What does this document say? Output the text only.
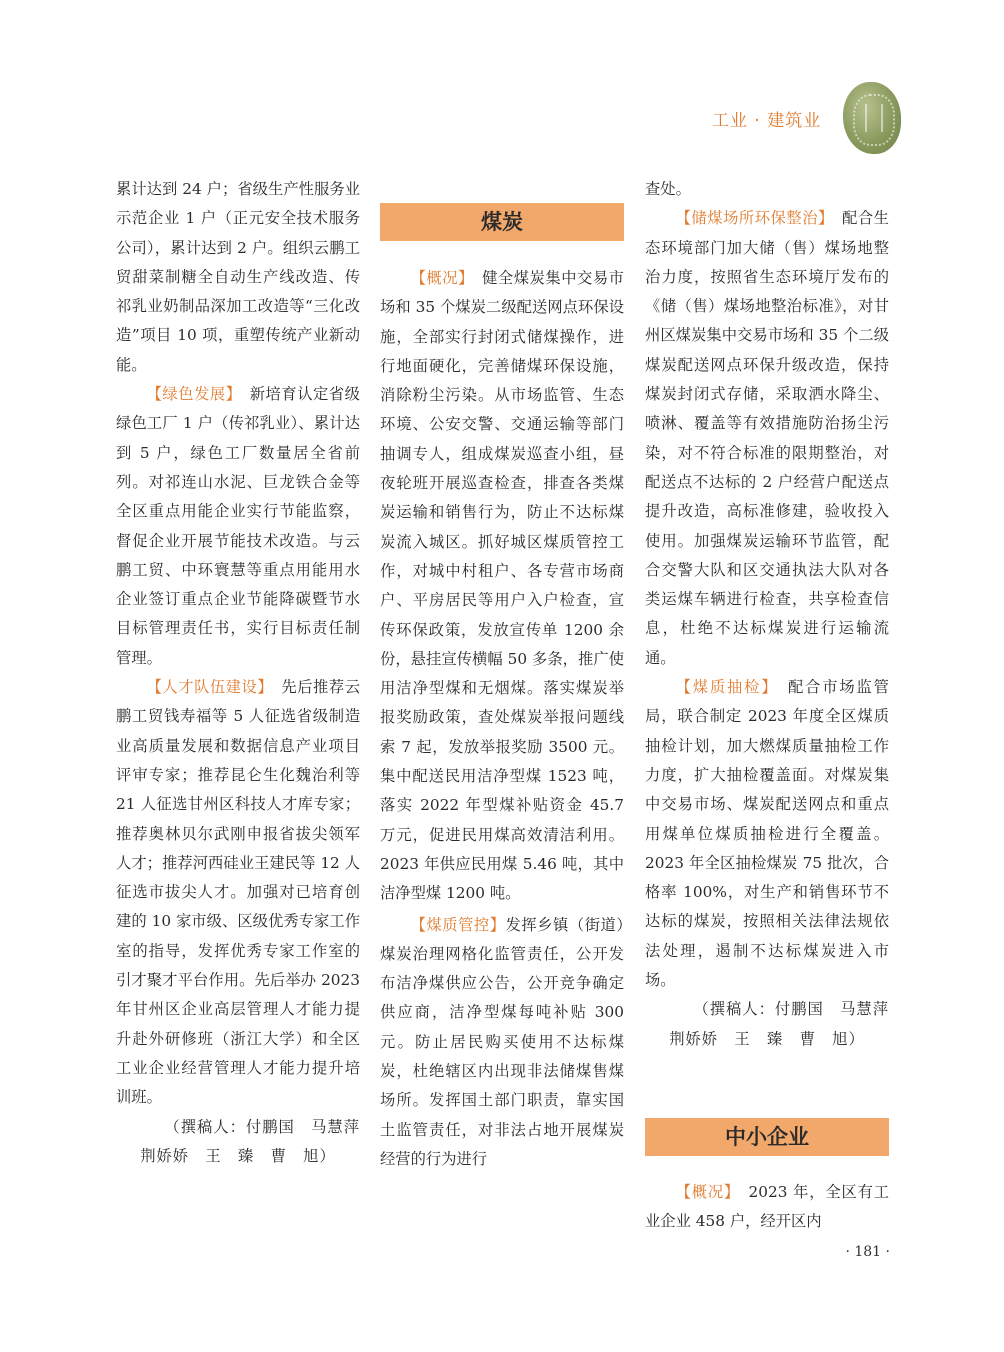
工业 · 建筑业

累计达到 24 户；省级生产性服务业示范企业 1 户（正元安全技术服务公司），累计达到 2 户。组织云鹏工贸甜菜制糖全自动生产线改造、传祁乳业奶制品深加工改造等“三化改造”项目 10 项，重塑传统产业新动能。

【绿色发展】　新培育认定省级绿色工厂 1 户（传祁乳业）、累计达到 5 户，绿色工厂数量居全省前列。对祁连山水泥、巨龙铁合金等全区重点用能企业实行节能监察，督促企业开展节能技术改造。与云鹏工贸、中环寰慧等重点用能用水企业签订重点企业节能降碳暨节水目标管理责任书，实行目标责任制管理。

【人才队伍建设】　先后推荐云鹏工贸钱寿福等 5 人征选省级制造业高质量发展和数据信息产业项目评审专家；推荐昆仑生化魏治利等 21 人征选甘州区科技人才库专家；推荐奥林贝尔武刚申报省拔尖领军人才；推荐河西硅业王建民等 12 人征选市拔尖人才。加强对已培育创建的 10 家市级、区级优秀专家工作室的指导，发挥优秀专家工作室的引才聚才平台作用。先后举办 2023 年甘州区企业高层管理人才能力提升赴外研修班（浙江大学）和全区工业企业经营管理人才能力提升培训班。

（撰稿人：付鹏国　马慧萍

荆娇娇　王　臻　曹　旭）

煤炭

【概况】　健全煤炭集中交易市场和 35 个煤炭二级配送网点环保设施，全部实行封闭式储煤操作，进行地面硬化，完善储煤环保设施，消除粉尘污染。从市场监管、生态环境、公安交警、交通运输等部门抽调专人，组成煤炭巡查小组，昼夜轮班开展巡查检查，排查各类煤炭运输和销售行为，防止不达标煤炭流入城区。抓好城区煤质管控工作，对城中村租户、各专营市场商户、平房居民等用户入户检查，宣传环保政策，发放宣传单 1200 余份，悬挂宣传横幅 50 多条，推广使用洁净型煤和无烟煤。落实煤炭举报奖励政策，查处煤炭举报问题线索 7 起，发放举报奖励 3500 元。集中配送民用洁净型煤 1523 吨，落实 2022 年型煤补贴资金 45.7 万元，促进民用煤高效清洁利用。2023 年供应民用煤 5.46 吨，其中洁净型煤 1200 吨。

【煤质管控】发挥乡镇（街道）煤炭治理网格化监管责任，公开发布洁净煤供应公告，公开竞争确定供应商，洁净型煤每吨补贴 300 元。防止居民购买使用不达标煤炭，杜绝辖区内出现非法储煤售煤场所。发挥国土部门职责，靠实国土监管责任，对非法占地开展煤炭经营的行为进行

查处。

【储煤场所环保整治】　配合生态环境部门加大储（售）煤场地整治力度，按照省生态环境厅发布的《储（售）煤场地整治标准》，对甘州区煤炭集中交易市场和 35 个二级煤炭配送网点环保升级改造，保持煤炭封闭式存储，采取洒水降尘、喷淋、覆盖等有效措施防治扬尘污染，对不符合标准的限期整治，对配送点不达标的 2 户经营户配送点提升改造，高标准修建，验收投入使用。加强煤炭运输环节监管，配合交警大队和区交通执法大队对各类运煤车辆进行检查，共享检查信息，杜绝不达标煤炭进行运输流通。

【煤质抽检】　配合市场监管局，联合制定 2023 年度全区煤质抽检计划，加大燃煤质量抽检工作力度，扩大抽检覆盖面。对煤炭集中交易市场、煤炭配送网点和重点用煤单位煤质抽检进行全覆盖。2023 年全区抽检煤炭 75 批次，合格率 100%，对生产和销售环节不达标的煤炭，按照相关法律法规依法处理，遏制不达标煤炭进入市场。

（撰稿人：付鹏国　马慧萍

荆娇娇　王　臻　曹　旭）

中小企业

【概况】　2023 年，全区有工业企业 458 户，经开区内

· 181 ·
